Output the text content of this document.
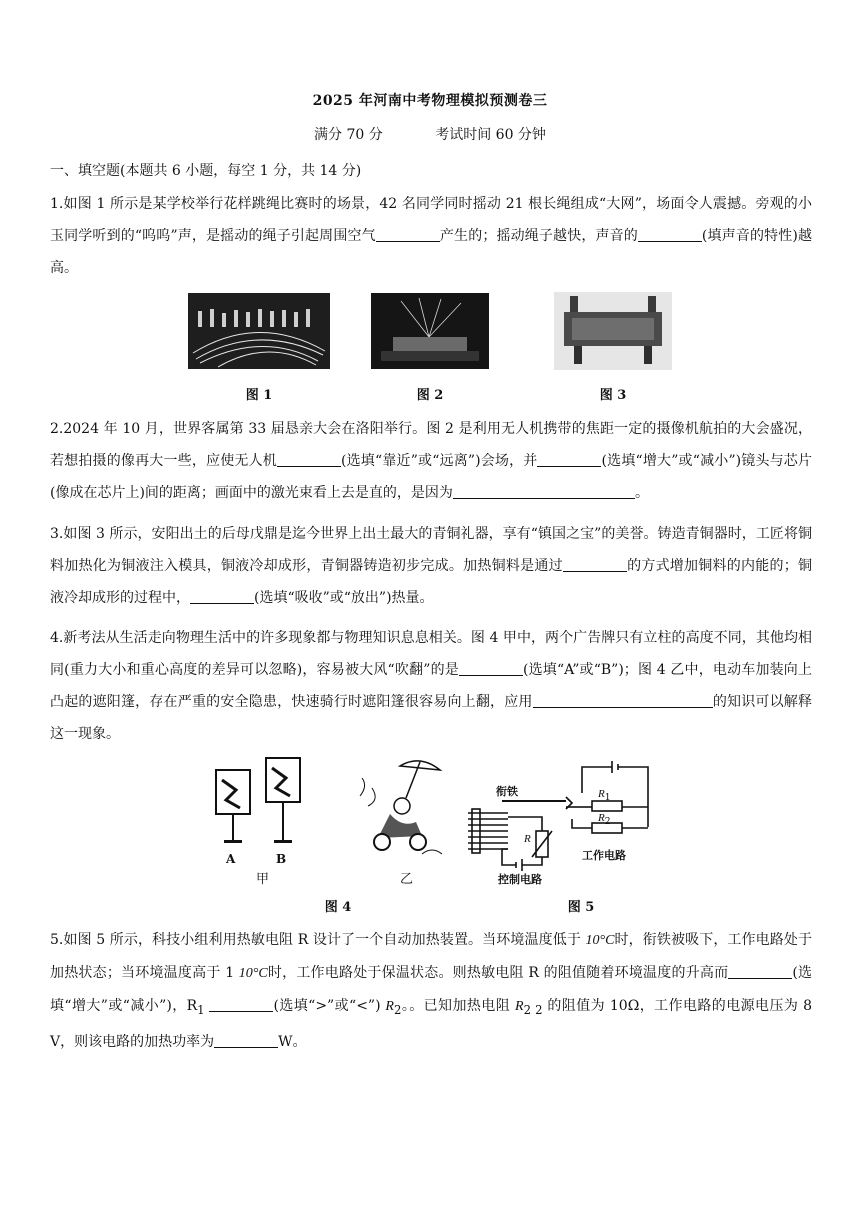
2025 年河南中考物理模拟预测卷三
满分 70 分	考试时间 60 分钟
一、填空题(本题共 6 小题，每空 1 分，共 14 分)
1.如图 1 所示是某学校举行花样跳绳比赛时的场景，42 名同学同时摇动 21 根长绳组成“大网”，场面令人震撼。旁观的小玉同学听到的“呜呜”声，是摇动的绳子引起周围空气	产生的；摇动绳子越快，声音的	(填声音的特性)越高。
图 1	图 2	图 3
2.2024 年 10 月，世界客属第 33 届恳亲大会在洛阳举行。图 2 是利用无人机携带的焦距一定的摄像机航拍的大会盛况，若想拍摄的像再大一些，应使无人机	(选填“靠近”或“远离”)会场，并	(选填“增大”或“减小”)镜头与芯片(像成在芯片上)间的距离；画面中的激光束看上去是直的，是因为	。
3.如图 3 所示，安阳出土的后母戊鼎是迄今世界上出土最大的青铜礼器，享有“镇国之宝”的美誉。铸造青铜器时，工匠将铜料加热化为铜液注入模具，铜液冷却成形，青铜器铸造初步完成。加热铜料是通过	的方式增加铜料的内能的；铜液冷却成形的过程中，	(选填“吸收”或“放出”)热量。
4.新考法从生活走向物理生活中的许多现象都与物理知识息息相关。图 4 甲中，两个广告牌只有立柱的高度不同，其他均相同(重力大小和重心高度的差异可以忽略)，容易被大风“吹翻”的是	(选填“A”或“B”)；图 4 乙中，电动车加装向上凸起的遮阳篷，存在严重的安全隐患，快速骑行时遮阳篷很容易向上翻，应用	的知识可以解释这一现象。
A	B
甲	乙
图 4
衔铁
R
$R_1$
$R_2$
工作电路
控制电路
图 5
5.如图 5 所示，科技小组利用热敏电阻 R 设计了一个自动加热装置。当环境温度低于 10°C时，衔铁被吸下，工作电路处于加热状态；当环境温度高于 1 10°C时，工作电路处于保温状态。则热敏电阻 R 的阻值随着环境温度的升高而	(选填“增大”或“减小”)，$R_1$	(选填“>”或“<”) $R_2$。。已知加热电阻 $R_{2 2}$ 的阻值为 10Ω，工作电路的电源电压为 8 V，则该电路的加热功率为	W。
